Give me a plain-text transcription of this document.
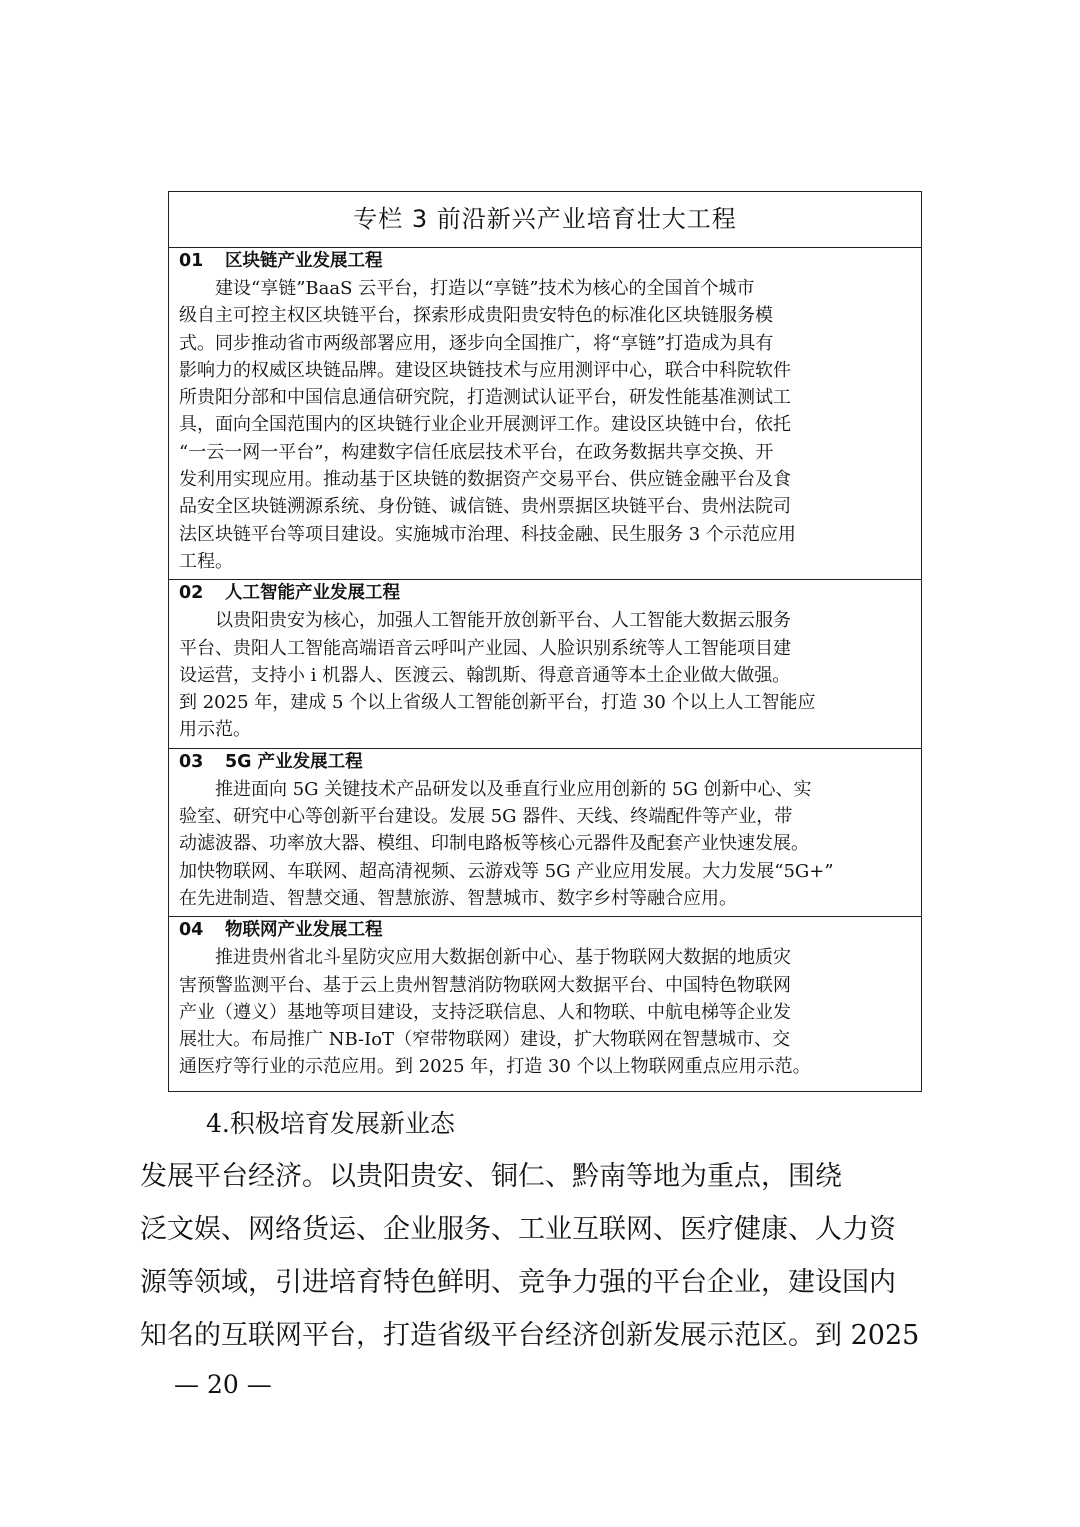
专栏 3 前沿新兴产业培育壮大工程
01 区块链产业发展工程
建设“享链”BaaS 云平台，打造以“享链”技术为核心的全国首个城市
级自主可控主权区块链平台，探索形成贵阳贵安特色的标准化区块链服务模
式。同步推动省市两级部署应用，逐步向全国推广，将“享链”打造成为具有
影响力的权威区块链品牌。建设区块链技术与应用测评中心，联合中科院软件
所贵阳分部和中国信息通信研究院，打造测试认证平台，研发性能基准测试工
具，面向全国范围内的区块链行业企业开展测评工作。建设区块链中台，依托
“一云一网一平台”，构建数字信任底层技术平台，在政务数据共享交换、开
发利用实现应用。推动基于区块链的数据资产交易平台、供应链金融平台及食
品安全区块链溯源系统、身份链、诚信链、贵州票据区块链平台、贵州法院司
法区块链平台等项目建设。实施城市治理、科技金融、民生服务 3 个示范应用
工程。
02 人工智能产业发展工程
以贵阳贵安为核心，加强人工智能开放创新平台、人工智能大数据云服务
平台、贵阳人工智能高端语音云呼叫产业园、人脸识别系统等人工智能项目建
设运营，支持小 i 机器人、医渡云、翰凯斯、得意音通等本土企业做大做强。
到 2025 年，建成 5 个以上省级人工智能创新平台，打造 30 个以上人工智能应
用示范。
03 5G 产业发展工程
推进面向 5G 关键技术产品研发以及垂直行业应用创新的 5G 创新中心、实
验室、研究中心等创新平台建设。发展 5G 器件、天线、终端配件等产业，带
动滤波器、功率放大器、模组、印制电路板等核心元器件及配套产业快速发展。
加快物联网、车联网、超高清视频、云游戏等 5G 产业应用发展。大力发展“5G+”
在先进制造、智慧交通、智慧旅游、智慧城市、数字乡村等融合应用。
04 物联网产业发展工程
推进贵州省北斗星防灾应用大数据创新中心、基于物联网大数据的地质灾
害预警监测平台、基于云上贵州智慧消防物联网大数据平台、中国特色物联网
产业（遵义）基地等项目建设，支持泛联信息、人和物联、中航电梯等企业发
展壮大。布局推广 NB-IoT（窄带物联网）建设，扩大物联网在智慧城市、交
通医疗等行业的示范应用。到 2025 年，打造 30 个以上物联网重点应用示范。
4.积极培育发展新业态
发展平台经济。以贵阳贵安、铜仁、黔南等地为重点，围绕
泛文娱、网络货运、企业服务、工业互联网、医疗健康、人力资
源等领域，引进培育特色鲜明、竞争力强的平台企业，建设国内
知名的互联网平台，打造省级平台经济创新发展示范区。到 2025
— 20 —
